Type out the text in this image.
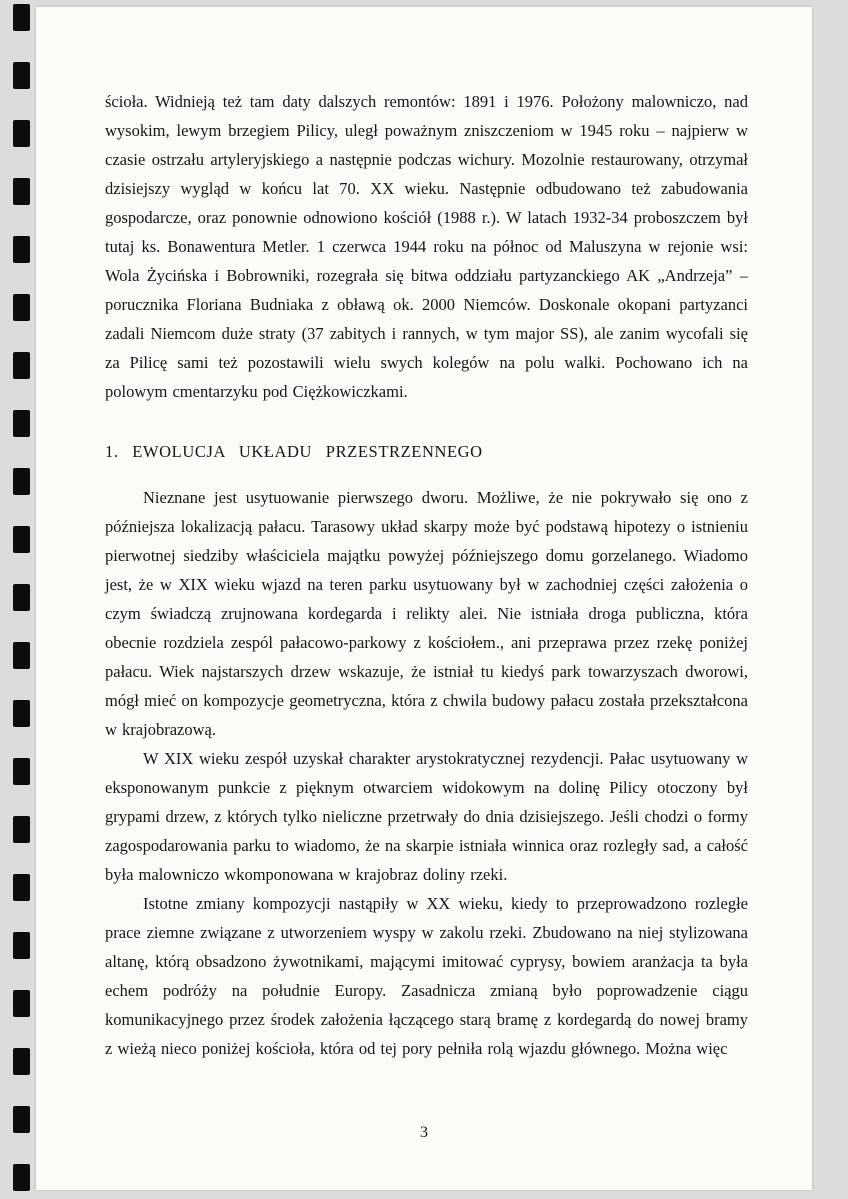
ścioła. Widnieją też tam daty dalszych remontów: 1891 i 1976. Położony malowniczo, nad wysokim, lewym brzegiem Pilicy, uległ poważnym zniszczeniom w 1945 roku – najpierw w czasie ostrzału artyleryjskiego a następnie podczas wichury. Mozolnie restaurowany, otrzymał dzisiejszy wygląd w końcu lat 70. XX wieku. Następnie odbudowano też zabudowania gospodarcze, oraz ponownie odnowiono kościół (1988 r.). W latach 1932-34 proboszczem był tutaj ks. Bonawentura Metler. 1 czerwca 1944 roku na północ od Maluszyna w rejonie wsi: Wola Życińska i Bobrowniki, rozegrała się bitwa oddziału partyzanckiego AK „Andrzeja” – porucznika Floriana Budniaka z obławą ok. 2000 Niemców. Doskonale okopani partyzanci zadali Niemcom duże straty (37 zabitych i rannych, w tym major SS), ale zanim wycofali się za Pilicę sami też pozostawili wielu swych kolegów na polu walki. Pochowano ich na polowym cmentarzyku pod Ciężkowiczkami.

1. EWOLUCJA UKŁADU PRZESTRZENNEGO

Nieznane jest usytuowanie pierwszego dworu. Możliwe, że nie pokrywało się ono z późniejsza lokalizacją pałacu. Tarasowy układ skarpy może być podstawą hipotezy o istnieniu pierwotnej siedziby właściciela majątku powyżej późniejszego domu gorzelanego. Wiadomo jest, że w XIX wieku wjazd na teren parku usytuowany był w zachodniej części założenia o czym świadczą zrujnowana kordegarda i relikty alei. Nie istniała droga publiczna, która obecnie rozdziela zespól pałacowo-parkowy z kościołem., ani przeprawa przez rzekę poniżej pałacu. Wiek najstarszych drzew wskazuje, że istniał tu kiedyś park towarzyszach dworowi, mógł mieć on kompozycje geometryczna, która z chwila budowy pałacu została przekształcona w krajobrazową.

W XIX wieku zespół uzyskał charakter arystokratycznej rezydencji. Pałac usytuowany w eksponowanym punkcie z pięknym otwarciem widokowym na dolinę Pilicy otoczony był grypami drzew, z których tylko nieliczne przetrwały do dnia dzisiejszego. Jeśli chodzi o formy zagospodarowania parku to wiadomo, że na skarpie istniała winnica oraz rozległy sad, a całość była malowniczo wkomponowana w krajobraz doliny rzeki.

Istotne zmiany kompozycji nastąpiły w XX wieku, kiedy to przeprowadzono rozległe prace ziemne związane z utworzeniem wyspy w zakolu rzeki. Zbudowano na niej stylizowana altanę, którą obsadzono żywotnikami, mającymi imitować cyprysy, bowiem aranżacja ta była echem podróży na południe Europy. Zasadnicza zmianą było poprowadzenie ciągu komunikacyjnego przez środek założenia łączącego starą bramę z kordegardą do nowej bramy z wieżą nieco poniżej kościoła, która od tej pory pełniła rolą wjazdu głównego. Można więc

3
